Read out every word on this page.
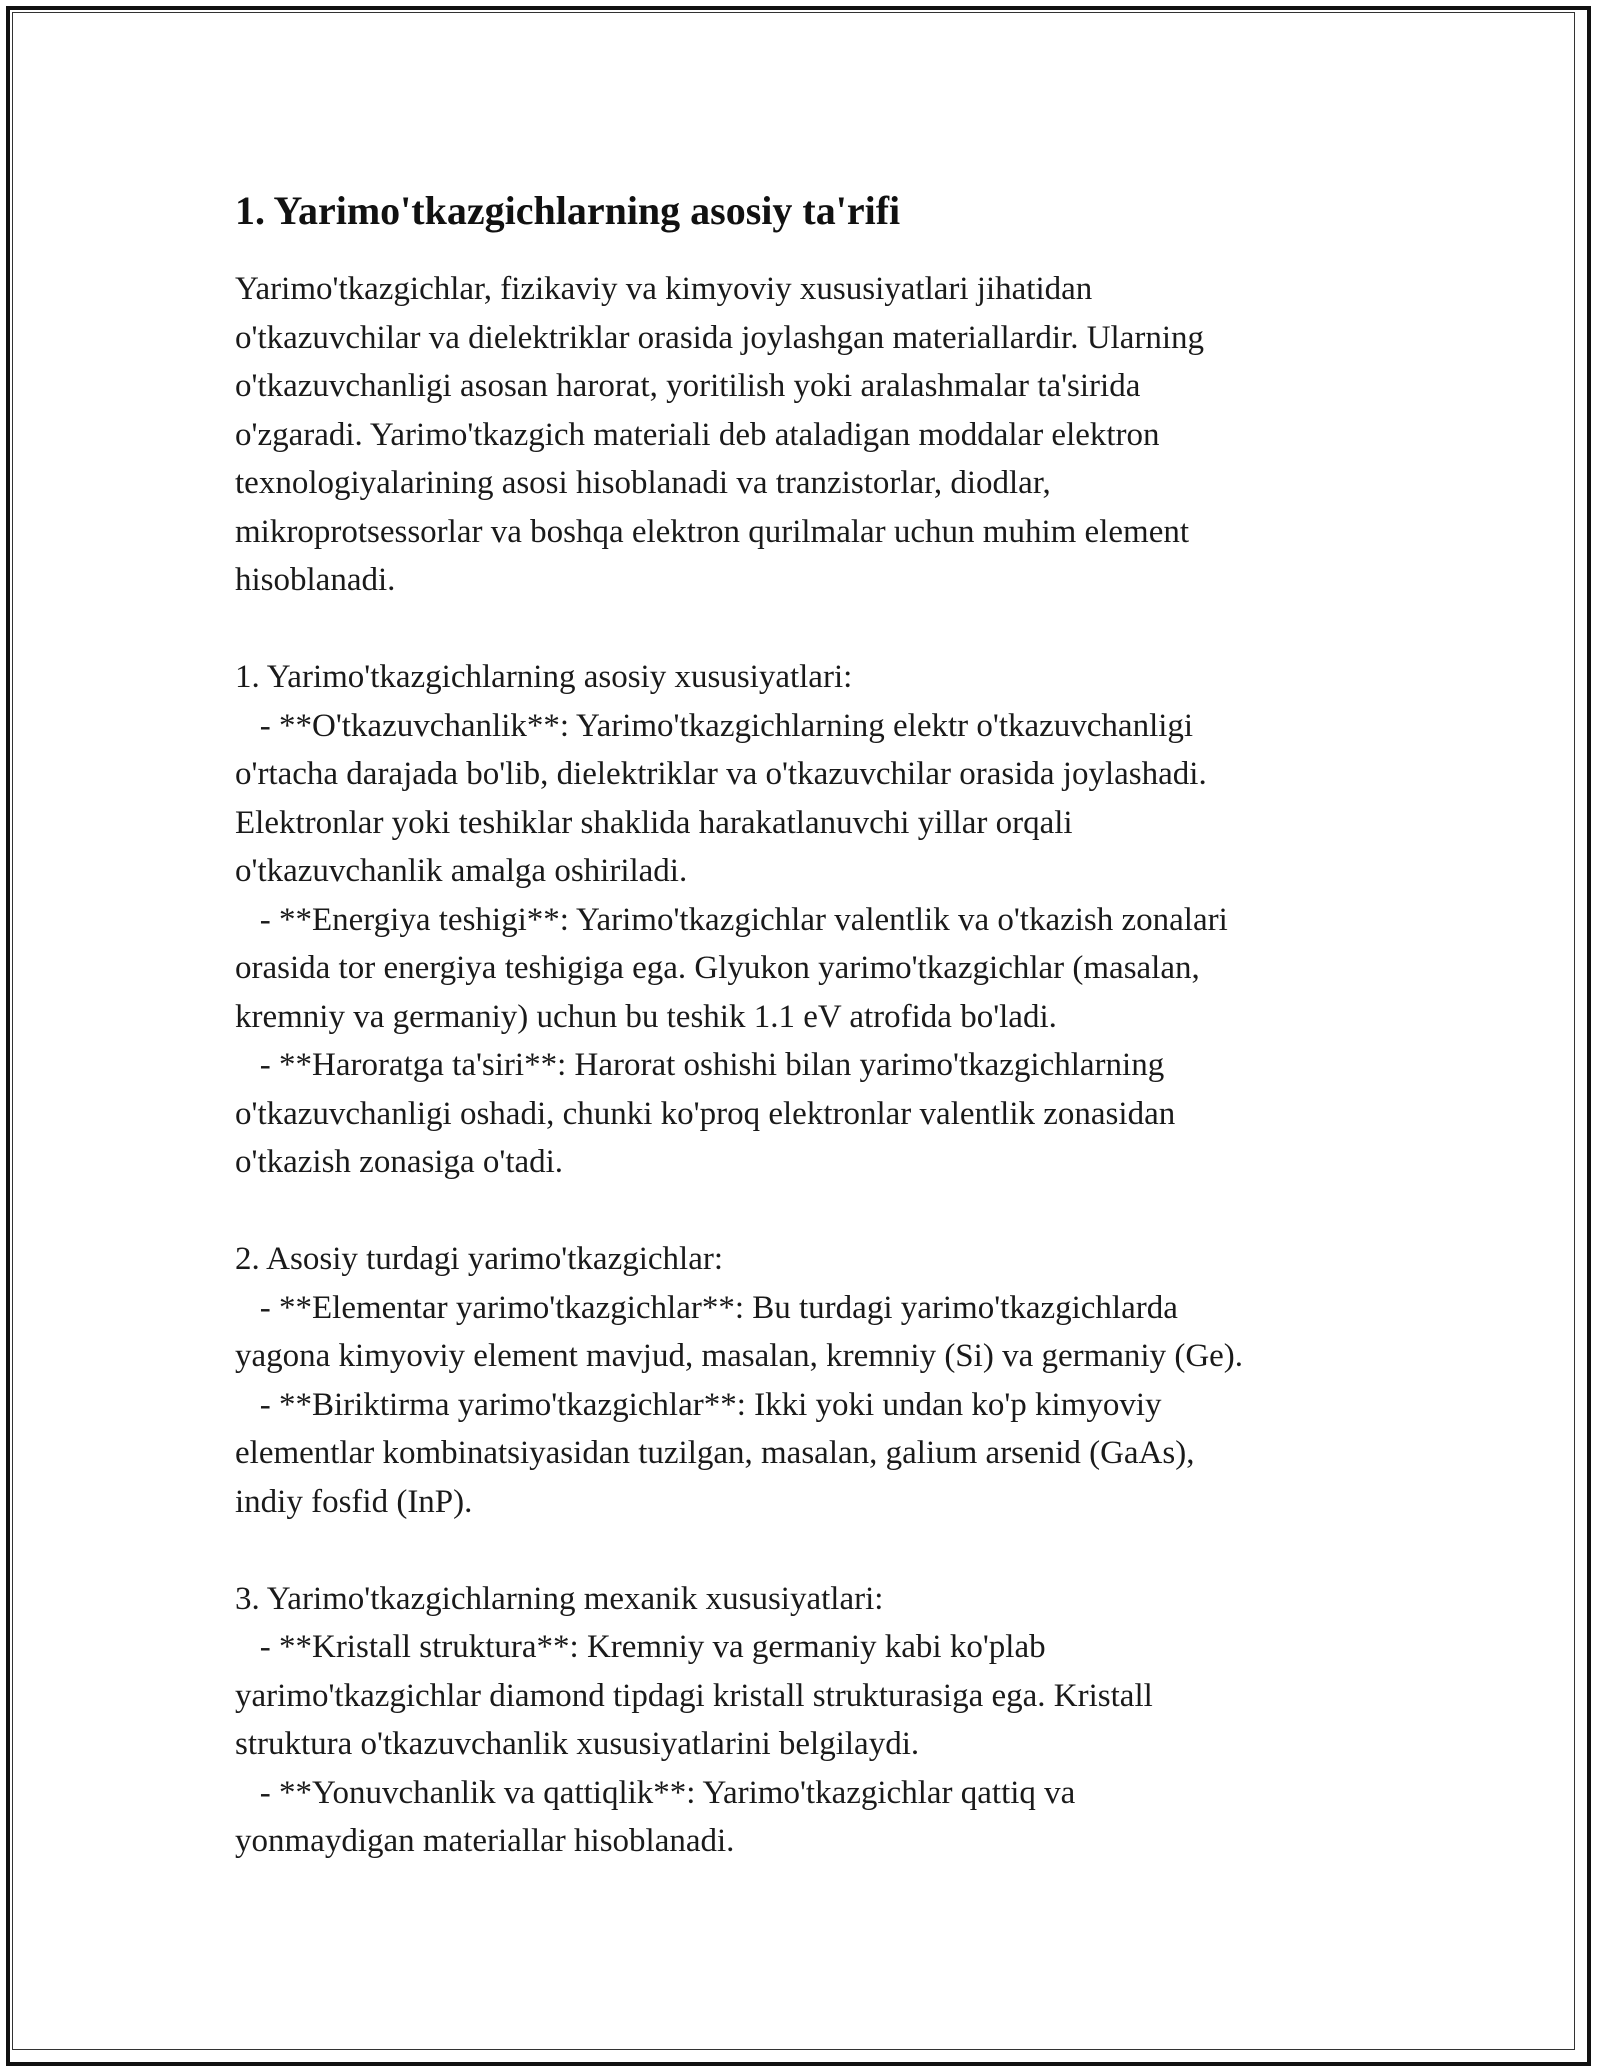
1. Yarimo'tkazgichlarning asosiy ta'rifi
Yarimo'tkazgichlar, fizikaviy va kimyoviy xususiyatlari jihatidan
o'tkazuvchilar va dielektriklar orasida joylashgan materiallardir. Ularning
o'tkazuvchanligi asosan harorat, yoritilish yoki aralashmalar ta'sirida
o'zgaradi. Yarimo'tkazgich materiali deb ataladigan moddalar elektron
texnologiyalarining asosi hisoblanadi va tranzistorlar, diodlar,
mikroprotsessorlar va boshqa elektron qurilmalar uchun muhim element
hisoblanadi.
1. Yarimo'tkazgichlarning asosiy xususiyatlari:
- **O'tkazuvchanlik**: Yarimo'tkazgichlarning elektr o'tkazuvchanligi
o'rtacha darajada bo'lib, dielektriklar va o'tkazuvchilar orasida joylashadi.
Elektronlar yoki teshiklar shaklida harakatlanuvchi yillar orqali
o'tkazuvchanlik amalga oshiriladi.
- **Energiya teshigi**: Yarimo'tkazgichlar valentlik va o'tkazish zonalari
orasida tor energiya teshigiga ega. Glyukon yarimo'tkazgichlar (masalan,
kremniy va germaniy) uchun bu teshik 1.1 eV atrofida bo'ladi.
- **Haroratga ta'siri**: Harorat oshishi bilan yarimo'tkazgichlarning
o'tkazuvchanligi oshadi, chunki ko'proq elektronlar valentlik zonasidan
o'tkazish zonasiga o'tadi.
2. Asosiy turdagi yarimo'tkazgichlar:
- **Elementar yarimo'tkazgichlar**: Bu turdagi yarimo'tkazgichlarda
yagona kimyoviy element mavjud, masalan, kremniy (Si) va germaniy (Ge).
- **Biriktirma yarimo'tkazgichlar**: Ikki yoki undan ko'p kimyoviy
elementlar kombinatsiyasidan tuzilgan, masalan, galium arsenid (GaAs),
indiy fosfid (InP).
3. Yarimo'tkazgichlarning mexanik xususiyatlari:
- **Kristall struktura**: Kremniy va germaniy kabi ko'plab
yarimo'tkazgichlar diamond tipdagi kristall strukturasiga ega. Kristall
struktura o'tkazuvchanlik xususiyatlarini belgilaydi.
- **Yonuvchanlik va qattiqlik**: Yarimo'tkazgichlar qattiq va
yonmaydigan materiallar hisoblanadi.
